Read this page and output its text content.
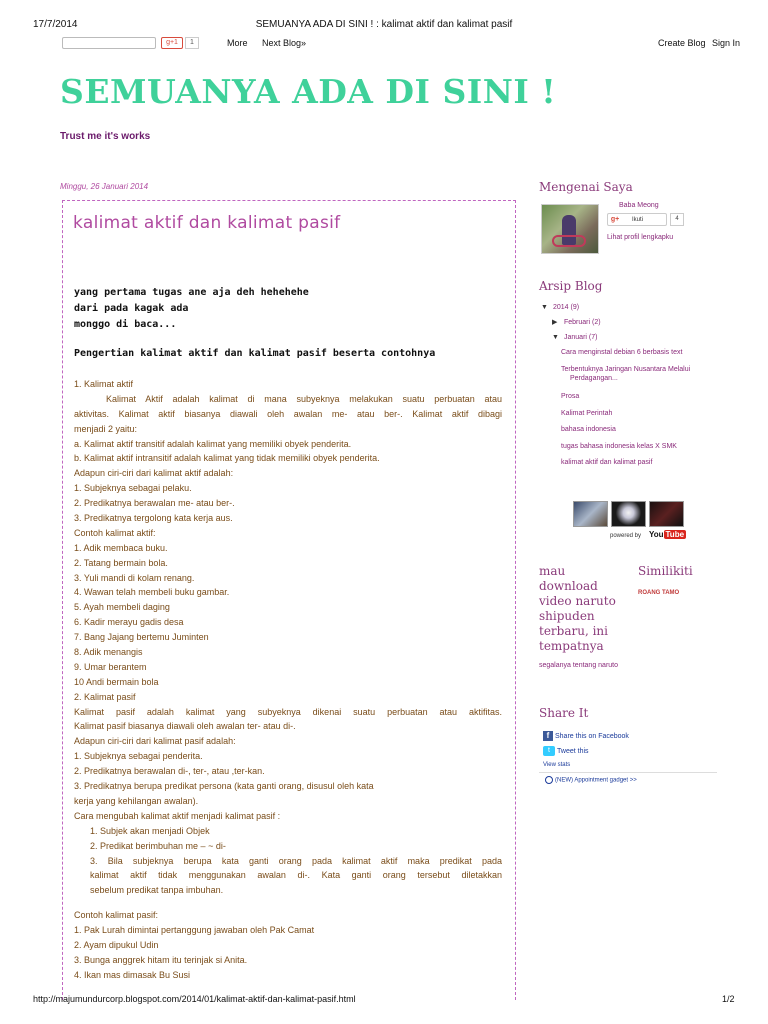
17/7/2014	SEMUANYA ADA DI SINI ! : kalimat aktif dan kalimat pasif
g+1	1	More Next Blog»	Create Blog Sign In
SEMUANYA ADA DI SINI !
Trust me it's works
Minggu, 26 Januari 2014
kalimat aktif dan kalimat pasif
yang pertama tugas ane aja deh hehehehe
dari pada kagak ada
monggo di baca...
Pengertian kalimat aktif dan kalimat pasif beserta contohnya
1. Kalimat aktif
Kalimat Aktif adalah kalimat di mana subyeknya melakukan suatu perbuatan atau
aktivitas. Kalimat aktif biasanya diawali oleh awalan me- atau ber-. Kalimat aktif dibagi
menjadi 2 yaitu:
a. Kalimat aktif transitif adalah kalimat yang memiliki obyek penderita.
b. Kalimat aktif intransitif adalah kalimat yang tidak memiliki obyek penderita.
Adapun ciri-ciri dari kalimat aktif adalah:
1. Subjeknya sebagai pelaku.
2. Predikatnya berawalan me- atau ber-.
3. Predikatnya tergolong kata kerja aus.
Contoh kalimat aktif:
1. Adik membaca buku.
2. Tatang bermain bola.
3. Yuli mandi di kolam renang.
4. Wawan telah membeli buku gambar.
5. Ayah membeli daging
6. Kadir merayu gadis desa
7. Bang Jajang bertemu Juminten
8. Adik menangis
9. Umar berantem
10 Andi bermain bola
2. Kalimat pasif
Kalimat pasif adalah kalimat yang subyeknya dikenai suatu perbuatan atau aktifitas.
Kalimat pasif biasanya diawali oleh awalan ter- atau di-.
Adapun ciri-ciri dari kalimat pasif adalah:
1. Subjeknya sebagai penderita.
2. Predikatnya berawalan di-, ter-, atau ,ter-kan.
3. Predikatnya berupa predikat persona (kata ganti orang, disusul oleh kata
kerja yang kehilangan awalan).
Cara mengubah kalimat aktif menjadi kalimat pasif :
1. Subjek akan menjadi Objek
2. Predikat berimbuhan me – ~ di-
3. Bila subjeknya berupa kata ganti orang pada kalimat aktif maka predikat pada
kalimat aktif tidak menggunakan awalan di-. Kata ganti orang tersebut diletakkan
sebelum predikat tanpa imbuhan.
Contoh kalimat pasif:
1. Pak Lurah dimintai pertanggung jawaban oleh Pak Camat
2. Ayam dipukul Udin
3. Bunga anggrek hitam itu terinjak si Anita.
4. Ikan mas dimasak Bu Susi
Mengenai Saya
Baba Meong
g+ Ikuti	4
Lihat profil lengkapku
Arsip Blog
▼ 2014 (9)
▶ Februari (2)
▼ Januari (7)
Cara menginstal debian 6 berbasis text
Terbentuknya Jaringan Nusantara Melalui
Perdagangan...
Prosa
Kalimat Perintah
bahasa indonesia
tugas bahasa indonesia kelas X SMK
kalimat aktif dan kalimat pasif
powered by You Tube
mau download video naruto shipuden terbaru, ini tempatnya
segalanya tentang naruto
Similikiti
ROANG TAMO
Share It
f Share this on Facebook
t Tweet this
View stats
(NEW) Appointment gadget >>
http://majumundurcorp.blogspot.com/2014/01/kalimat-aktif-dan-kalimat-pasif.html	1/2
